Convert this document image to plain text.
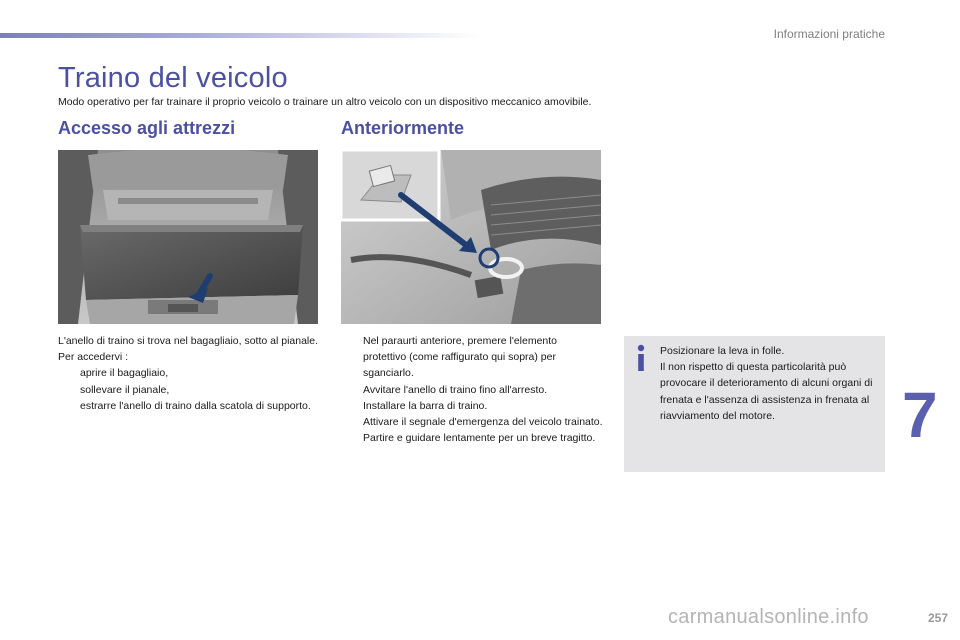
Informazioni pratiche
Traino del veicolo
Modo operativo per far trainare il proprio veicolo o trainare un altro veicolo con un dispositivo meccanico amovibile.
Accesso agli attrezzi	Anteriormente
L'anello di traino si trova nel bagagliaio, sotto al pianale.
Per accedervi :
aprire il bagagliaio,
sollevare il pianale,
estrarre l'anello di traino dalla scatola di supporto.
Nel paraurti anteriore, premere l'elemento protettivo (come raffigurato qui sopra) per sganciarlo.
Avvitare l'anello di traino fino all'arresto.
Installare la barra di traino.
Attivare il segnale d'emergenza del veicolo trainato.
Partire e guidare lentamente per un breve tragitto.
Posizionare la leva in folle.
Il non rispetto di questa particolarità può provocare il deterioramento di alcuni organi di frenata e l'assenza di assistenza in frenata al riavviamento del motore.	7
257
carmanualsonline.info
